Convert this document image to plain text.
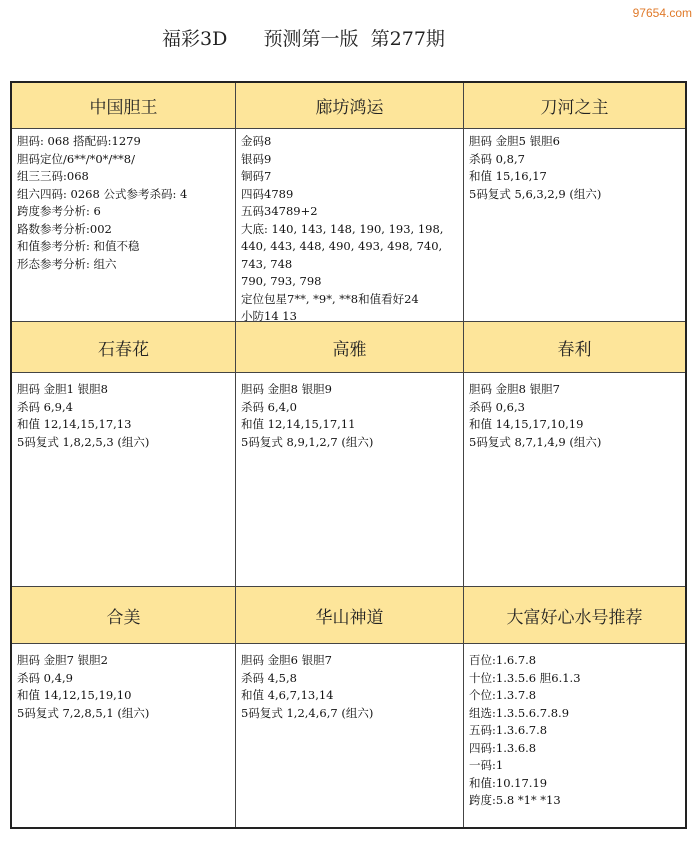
97654.com
福彩3D      预测第一版  第277期
中国胆王	廊坊鸿运	刀河之主
胆码: 068 搭配码:1279
胆码定位/6**/*0*/**8/
组三三码:068
组六四码: 0268 公式参考杀码: 4
跨度参考分析: 6
路数参考分析:002
和值参考分析: 和值不稳
形态参考分析: 组六
金码8
银码9
铜码7
四码4789
五码34789+2
大底: 140, 143, 148, 190, 193, 198,
440, 443, 448, 490, 493, 498, 740,
743, 748
790, 793, 798
定位包星7**, *9*, **8和值看好24
小防14 13
胆码 金胆5 银胆6
杀码 0,8,7
和值 15,16,17
5码复式 5,6,3,2,9 (组六)
石春花	高雅	春利
胆码 金胆1 银胆8
杀码 6,9,4
和值 12,14,15,17,13
5码复式 1,8,2,5,3 (组六)
胆码 金胆8 银胆9
杀码 6,4,0
和值 12,14,15,17,11
5码复式 8,9,1,2,7 (组六)
胆码 金胆8 银胆7
杀码 0,6,3
和值 14,15,17,10,19
5码复式 8,7,1,4,9 (组六)
合美	华山神道	大富好心水号推荐
胆码 金胆7 银胆2
杀码 0,4,9
和值 14,12,15,19,10
5码复式 7,2,8,5,1 (组六)
胆码 金胆6 银胆7
杀码 4,5,8
和值 4,6,7,13,14
5码复式 1,2,4,6,7 (组六)
百位:1.6.7.8
十位:1.3.5.6 胆6.1.3
个位:1.3.7.8
组选:1.3.5.6.7.8.9
五码:1.3.6.7.8
四码:1.3.6.8
一码:1
和值:10.17.19
跨度:5.8 *1* *13
